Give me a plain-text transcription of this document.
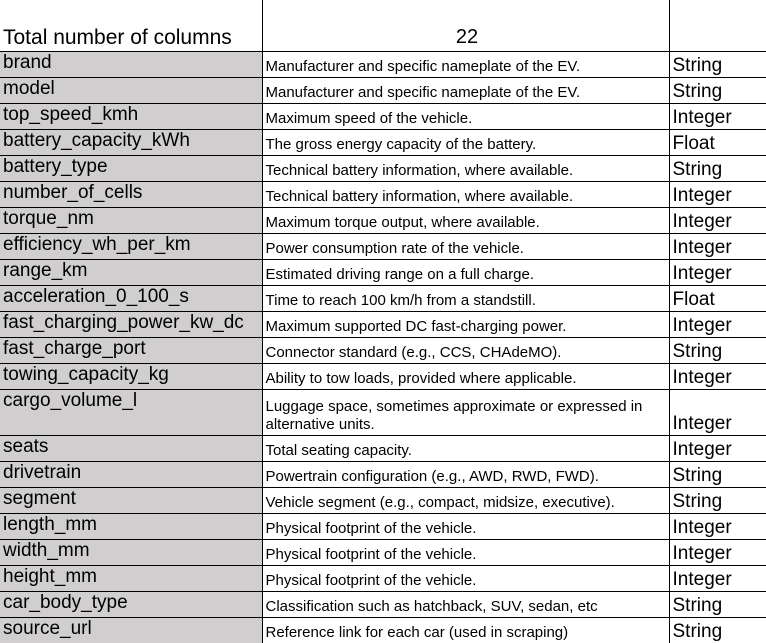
Total number of columns	22	
brand	Manufacturer and specific nameplate of the EV.	String
model	Manufacturer and specific nameplate of the EV.	String
top_speed_kmh	Maximum speed of the vehicle.	Integer
battery_capacity_kWh	The gross energy capacity of the battery.	Float
battery_type	Technical battery information, where available.	String
number_of_cells	Technical battery information, where available.	Integer
torque_nm	Maximum torque output, where available.	Integer
efficiency_wh_per_km	Power consumption rate of the vehicle.	Integer
range_km	Estimated driving range on a full charge.	Integer
acceleration_0_100_s	Time to reach 100 km/h from a standstill.	Float
fast_charging_power_kw_dc	Maximum supported DC fast-charging power.	Integer
fast_charge_port	Connector standard (e.g., CCS, CHAdeMO).	String
towing_capacity_kg	Ability to tow loads, provided where applicable.	Integer
cargo_volume_l	Luggage space, sometimes approximate or expressed in alternative units.	Integer
seats	Total seating capacity.	Integer
drivetrain	Powertrain configuration (e.g., AWD, RWD, FWD).	String
segment	Vehicle segment (e.g., compact, midsize, executive).	String
length_mm	Physical footprint of the vehicle.	Integer
width_mm	Physical footprint of the vehicle.	Integer
height_mm	Physical footprint of the vehicle.	Integer
car_body_type	Classification such as hatchback, SUV, sedan, etc	String
source_url	Reference link for each car (used in scraping)	String
